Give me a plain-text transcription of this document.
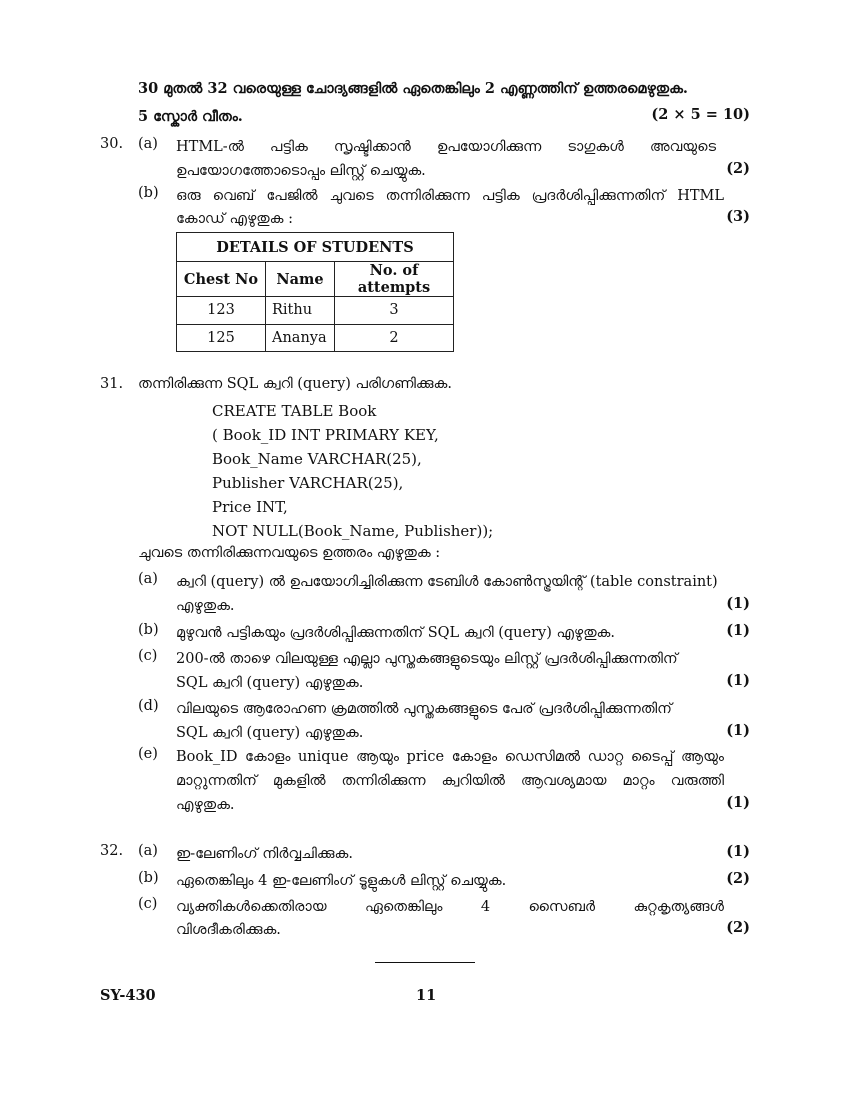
30 മുതൽ 32 വരെയുള്ള ചോദ്യങ്ങളിൽ ഏതെങ്കിലും 2 എണ്ണത്തിന് ഉത്തരമെഴുതുക.
5 സ്കോർ വീതം.	(2 × 5 = 10)
30. (a) HTML-ൽ പട്ടിക സൃഷ്ടിക്കാൻ ഉപയോഗിക്കുന്ന ടാഗുകൾ അവയുടെ
ഉപയോഗത്തോടൊപ്പം ലിസ്റ്റ് ചെയ്യുക.	(2)
(b) ഒരു വെബ് പേജിൽ ചുവടെ തന്നിരിക്കുന്ന പട്ടിക പ്രദർശിപ്പിക്കുന്നതിന് HTML
കോഡ് എഴുതുക :	(3)
DETAILS OF STUDENTS		
Chest No	Name	No. of attempts
123	Rithu	3
125	Ananya	2
31. തന്നിരിക്കുന്ന SQL ക്വറി (query) പരിഗണിക്കുക.
CREATE TABLE Book
( Book_ID INT PRIMARY KEY,
Book_Name VARCHAR(25),
Publisher VARCHAR(25),
Price INT,
NOT NULL(Book_Name, Publisher));
ചുവടെ തന്നിരിക്കുന്നവയുടെ ഉത്തരം എഴുതുക :
(a) ക്വറി (query) ൽ ഉപയോഗിച്ചിരിക്കുന്ന ടേബിൾ കോൺസ്ട്രയിന്റ് (table constraint)
എഴുതുക.	(1)
(b) മുഴുവൻ പട്ടികയും പ്രദർശിപ്പിക്കുന്നതിന് SQL ക്വറി (query) എഴുതുക.	(1)
(c) 200-ൽ താഴെ വിലയുള്ള എല്ലാ പുസ്തകങ്ങളുടെയും ലിസ്റ്റ് പ്രദർശിപ്പിക്കുന്നതിന്
SQL ക്വറി (query) എഴുതുക.	(1)
(d) വിലയുടെ ആരോഹണ ക്രമത്തിൽ പുസ്തകങ്ങളുടെ പേര് പ്രദർശിപ്പിക്കുന്നതിന്
SQL ക്വറി (query) എഴുതുക.	(1)
(e) Book_ID കോളം unique ആയും price കോളം ഡെസിമൽ ഡാറ്റ ടൈപ്പ് ആയും
മാറ്റുന്നതിന് മുകളിൽ തന്നിരിക്കുന്ന ക്വറിയിൽ ആവശ്യമായ മാറ്റം വരുത്തി
എഴുതുക.	(1)
32. (a) ഇ-ലേണിംഗ് നിർവ്വചിക്കുക.	(1)
(b) ഏതെങ്കിലും 4 ഇ-ലേണിംഗ് ടൂളുകൾ ലിസ്റ്റ് ചെയ്യുക.	(2)
(c) വ്യക്തികൾക്കെതിരായ ഏതെങ്കിലും 4 സൈബർ കുറ്റകൃത്യങ്ങൾ
വിശദീകരിക്കുക.	(2)
SY-430	11
